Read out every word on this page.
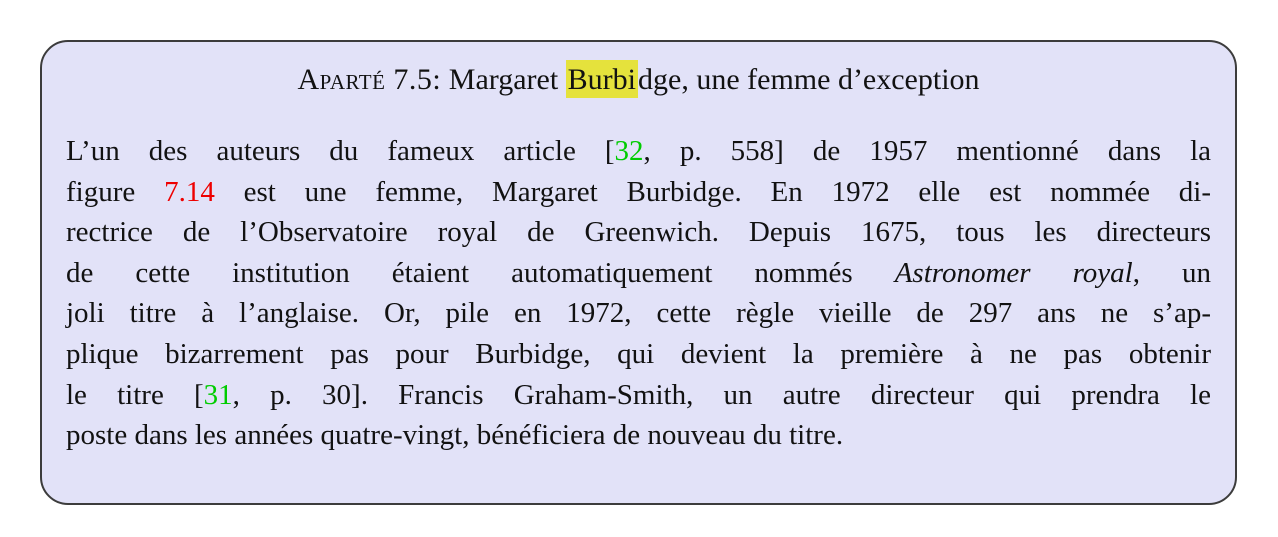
Aparté 7.5: Margaret Burbidge, une femme d’exception
L’un des auteurs du fameux article [32, p. 558] de 1957 mentionné dans la
figure 7.14 est une femme, Margaret Burbidge. En 1972 elle est nommée di-
rectrice de l’Observatoire royal de Greenwich. Depuis 1675, tous les directeurs
de cette institution étaient automatiquement nommés Astronomer royal, un
joli titre à l’anglaise. Or, pile en 1972, cette règle vieille de 297 ans ne s’ap-
plique bizarrement pas pour Burbidge, qui devient la première à ne pas obtenir
le titre [31, p. 30]. Francis Graham-Smith, un autre directeur qui prendra le
poste dans les années quatre-vingt, bénéficiera de nouveau du titre.
